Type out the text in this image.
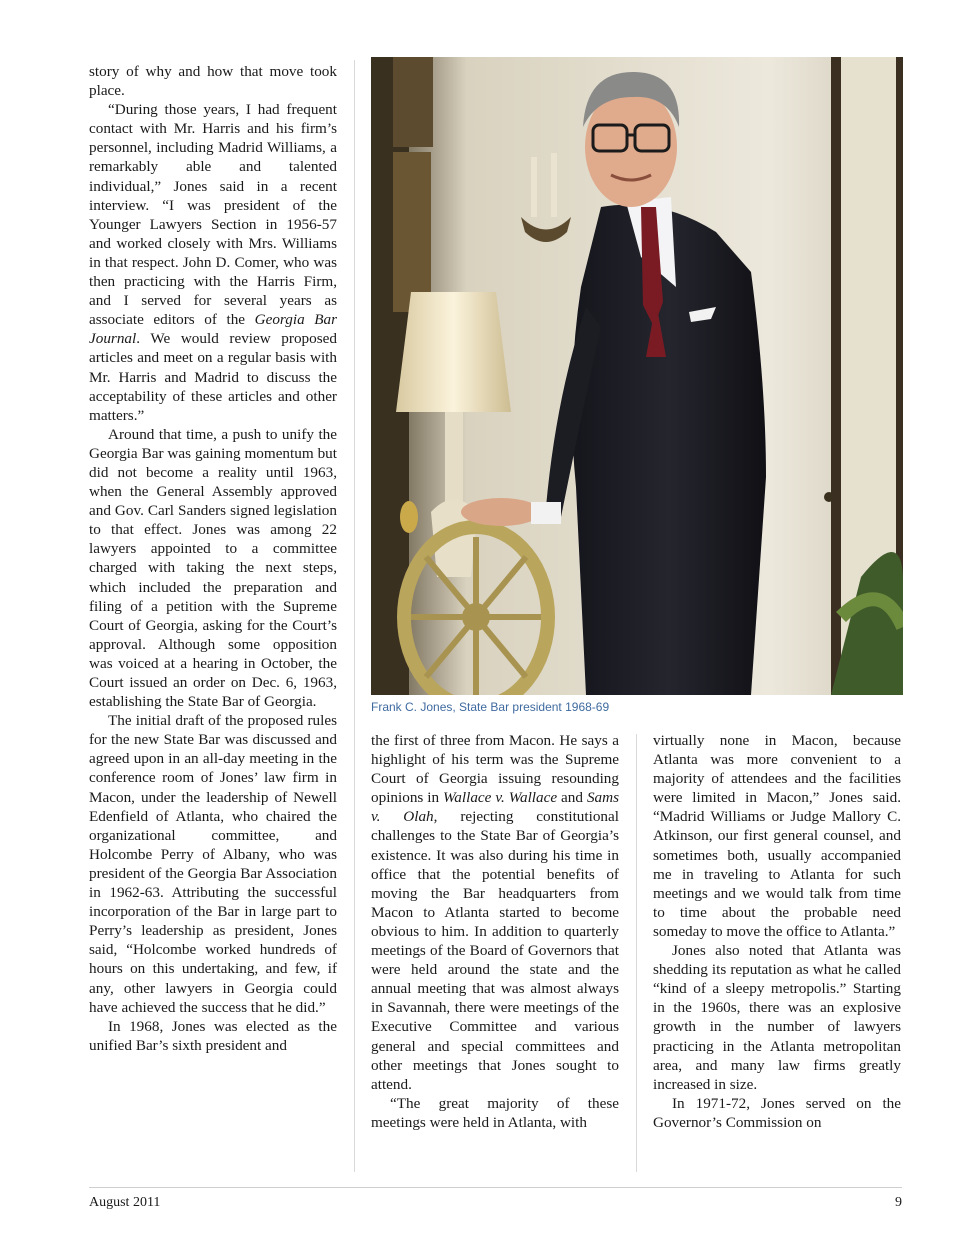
story of why and how that move took place.

“During those years, I had frequent contact with Mr. Harris and his firm’s personnel, including Madrid Williams, a remarkably able and talented individual,” Jones said in a recent interview. “I was president of the Younger Lawyers Section in 1956-57 and worked closely with Mrs. Williams in that respect. John D. Comer, who was then practicing with the Harris Firm, and I served for several years as associate editors of the Georgia Bar Journal. We would review proposed articles and meet on a regular basis with Mr. Harris and Madrid to discuss the acceptability of these articles and other matters.”

Around that time, a push to unify the Georgia Bar was gaining momentum but did not become a reality until 1963, when the General Assembly approved and Gov. Carl Sanders signed legislation to that effect. Jones was among 22 lawyers appointed to a committee charged with taking the next steps, which included the preparation and filing of a petition with the Supreme Court of Georgia, asking for the Court’s approval. Although some opposition was voiced at a hearing in October, the Court issued an order on Dec. 6, 1963, establishing the State Bar of Georgia.

The initial draft of the proposed rules for the new State Bar was discussed and agreed upon in an all-day meeting in the conference room of Jones’ law firm in Macon, under the leadership of Newell Edenfield of Atlanta, who chaired the organizational committee, and Holcombe Perry of Albany, who was president of the Georgia Bar Association in 1962-63. Attributing the successful incorporation of the Bar in large part to Perry’s leadership as president, Jones said, “Holcombe worked hundreds of hours on this undertaking, and few, if any, other lawyers in Georgia could have achieved the success that he did.”

In 1968, Jones was elected as the unified Bar’s sixth president and

Frank C. Jones, State Bar president 1968-69

the first of three from Macon. He says a highlight of his term was the Supreme Court of Georgia issuing resounding opinions in Wallace v. Wallace and Sams v. Olah, rejecting constitutional challenges to the State Bar of Georgia’s existence. It was also during his time in office that the potential benefits of moving the Bar headquarters from Macon to Atlanta started to become obvious to him. In addition to quarterly meetings of the Board of Governors that were held around the state and the annual meeting that was almost always in Savannah, there were meetings of the Executive Committee and various general and special committees and other meetings that Jones sought to attend.

“The great majority of these meetings were held in Atlanta, with

virtually none in Macon, because Atlanta was more convenient to a majority of attendees and the facilities were limited in Macon,” Jones said. “Madrid Williams or Judge Mallory C. Atkinson, our first general counsel, and sometimes both, usually accompanied me in traveling to Atlanta for such meetings and we would talk from time to time about the probable need someday to move the office to Atlanta.”

Jones also noted that Atlanta was shedding its reputation as what he called “kind of a sleepy metropolis.” Starting in the 1960s, there was an explosive growth in the number of lawyers practicing in the Atlanta metropolitan area, and many law firms greatly increased in size.

In 1971-72, Jones served on the Governor’s Commission on

August 2011	9
